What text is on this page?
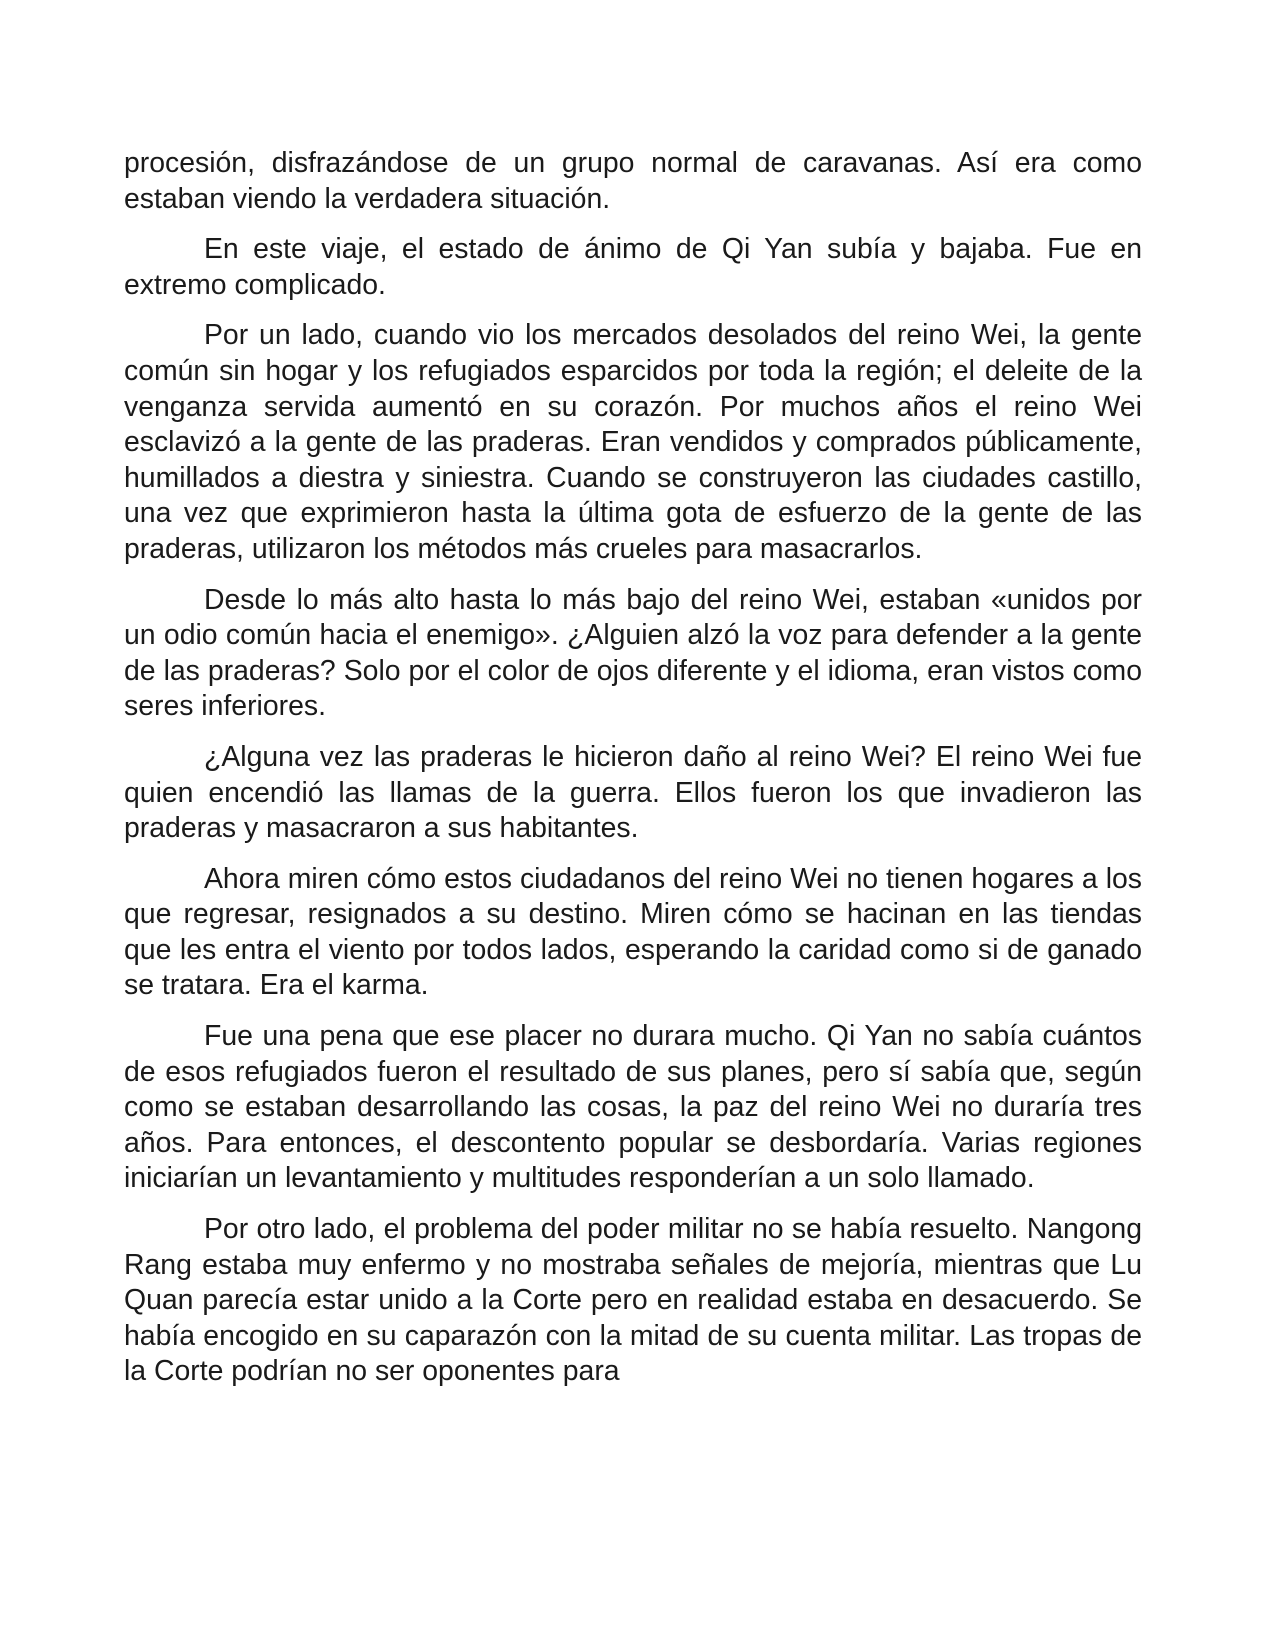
procesión, disfrazándose de un grupo normal de caravanas. Así era como estaban viendo la verdadera situación.

En este viaje, el estado de ánimo de Qi Yan subía y bajaba. Fue en extremo complicado.

Por un lado, cuando vio los mercados desolados del reino Wei, la gente común sin hogar y los refugiados esparcidos por toda la región; el deleite de la venganza servida aumentó en su corazón. Por muchos años el reino Wei esclavizó a la gente de las praderas. Eran vendidos y comprados públicamente, humillados a diestra y siniestra. Cuando se construyeron las ciudades castillo, una vez que exprimieron hasta la última gota de esfuerzo de la gente de las praderas, utilizaron los métodos más crueles para masacrarlos.

Desde lo más alto hasta lo más bajo del reino Wei, estaban «unidos por un odio común hacia el enemigo». ¿Alguien alzó la voz para defender a la gente de las praderas? Solo por el color de ojos diferente y el idioma, eran vistos como seres inferiores.

¿Alguna vez las praderas le hicieron daño al reino Wei? El reino Wei fue quien encendió las llamas de la guerra. Ellos fueron los que invadieron las praderas y masacraron a sus habitantes.

Ahora miren cómo estos ciudadanos del reino Wei no tienen hogares a los que regresar, resignados a su destino. Miren cómo se hacinan en las tiendas que les entra el viento por todos lados, esperando la caridad como si de ganado se tratara. Era el karma.

Fue una pena que ese placer no durara mucho. Qi Yan no sabía cuántos de esos refugiados fueron el resultado de sus planes, pero sí sabía que, según como se estaban desarrollando las cosas, la paz del reino Wei no duraría tres años. Para entonces, el descontento popular se desbordaría. Varias regiones iniciarían un levantamiento y multitudes responderían a un solo llamado.

Por otro lado, el problema del poder militar no se había resuelto. Nangong Rang estaba muy enfermo y no mostraba señales de mejoría, mientras que Lu Quan parecía estar unido a la Corte pero en realidad estaba en desacuerdo. Se había encogido en su caparazón con la mitad de su cuenta militar. Las tropas de la Corte podrían no ser oponentes para
